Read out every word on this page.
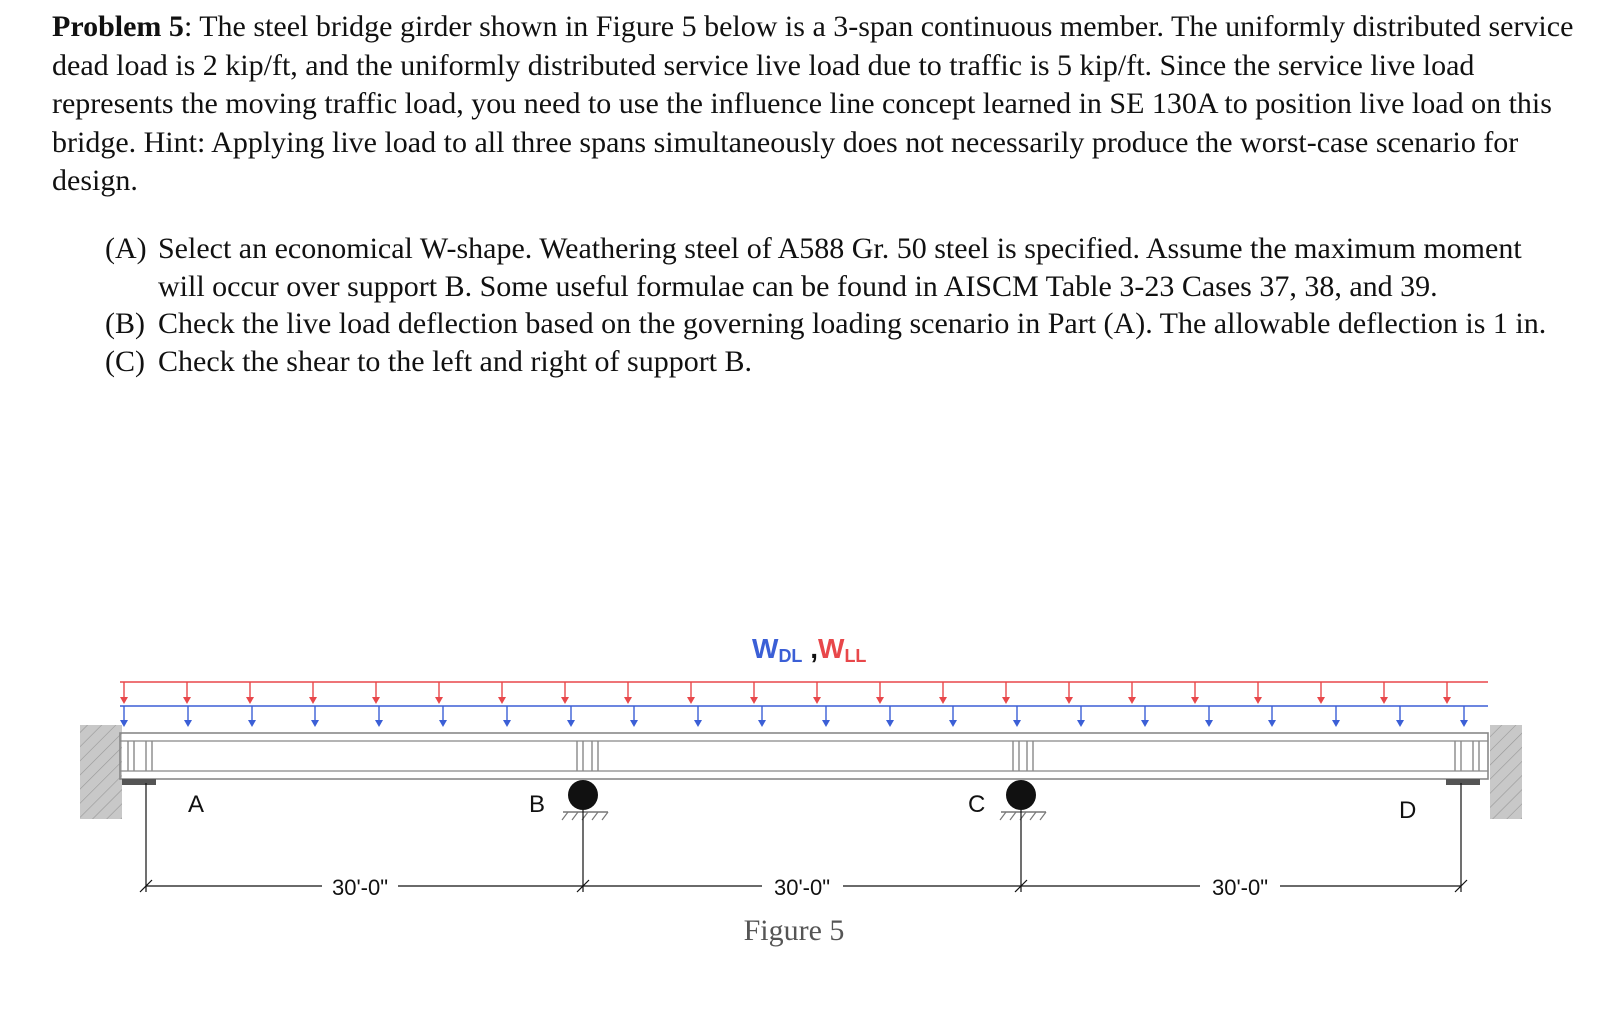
Problem 5: The steel bridge girder shown in Figure 5 below is a 3-span continuous member. The uniformly distributed service dead load is 2 kip/ft, and the uniformly distributed service live load due to traffic is 5 kip/ft. Since the service live load represents the moving traffic load, you need to use the influence line concept learned in SE 130A to position live load on this bridge. Hint: Applying live load to all three spans simultaneously does not necessarily produce the worst-case scenario for design.
(A) Select an economical W-shape. Weathering steel of A588 Gr. 50 steel is specified. Assume the maximum moment will occur over support B. Some useful formulae can be found in AISCM Table 3-23 Cases 37, 38, and 39.
(B) Check the live load deflection based on the governing loading scenario in Part (A). The allowable deflection is 1 in.
(C) Check the shear to the left and right of support B.
WDL ,WLL
A	B	C	D
30'-0"	30'-0"	30'-0"
Figure 5
